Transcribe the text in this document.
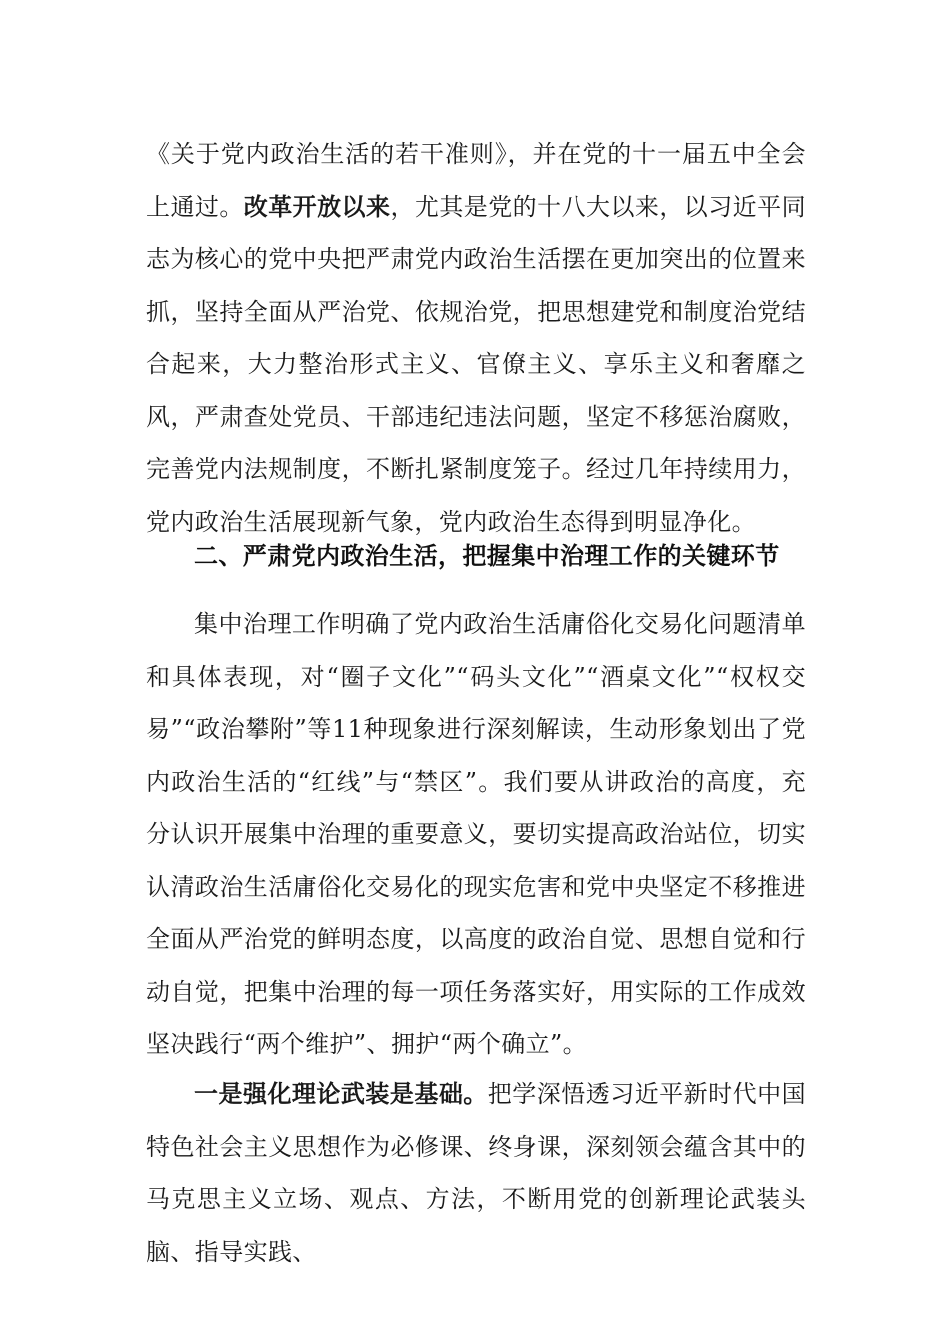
《关于党内政治生活的若干准则》，并在党的十一届五中全会上通过。改革开放以来，尤其是党的十八大以来，以习近平同志为核心的党中央把严肃党内政治生活摆在更加突出的位置来抓，坚持全面从严治党、依规治党，把思想建党和制度治党结合起来，大力整治形式主义、官僚主义、享乐主义和奢靡之风，严肃查处党员、干部违纪违法问题，坚定不移惩治腐败，完善党内法规制度，不断扎紧制度笼子。经过几年持续用力，党内政治生活展现新气象，党内政治生态得到明显净化。

二、严肃党内政治生活，把握集中治理工作的关键环节

集中治理工作明确了党内政治生活庸俗化交易化问题清单和具体表现，对“圈子文化”“码头文化”“酒桌文化”“权权交易”“政治攀附”等11种现象进行深刻解读，生动形象划出了党内政治生活的“红线”与“禁区”。我们要从讲政治的高度，充分认识开展集中治理的重要意义，要切实提高政治站位，切实认清政治生活庸俗化交易化的现实危害和党中央坚定不移推进全面从严治党的鲜明态度，以高度的政治自觉、思想自觉和行动自觉，把集中治理的每一项任务落实好，用实际的工作成效坚决践行“两个维护”、拥护“两个确立”。

一是强化理论武装是基础。把学深悟透习近平新时代中国特色社会主义思想作为必修课、终身课，深刻领会蕴含其中的马克思主义立场、观点、方法，不断用党的创新理论武装头脑、指导实践、
